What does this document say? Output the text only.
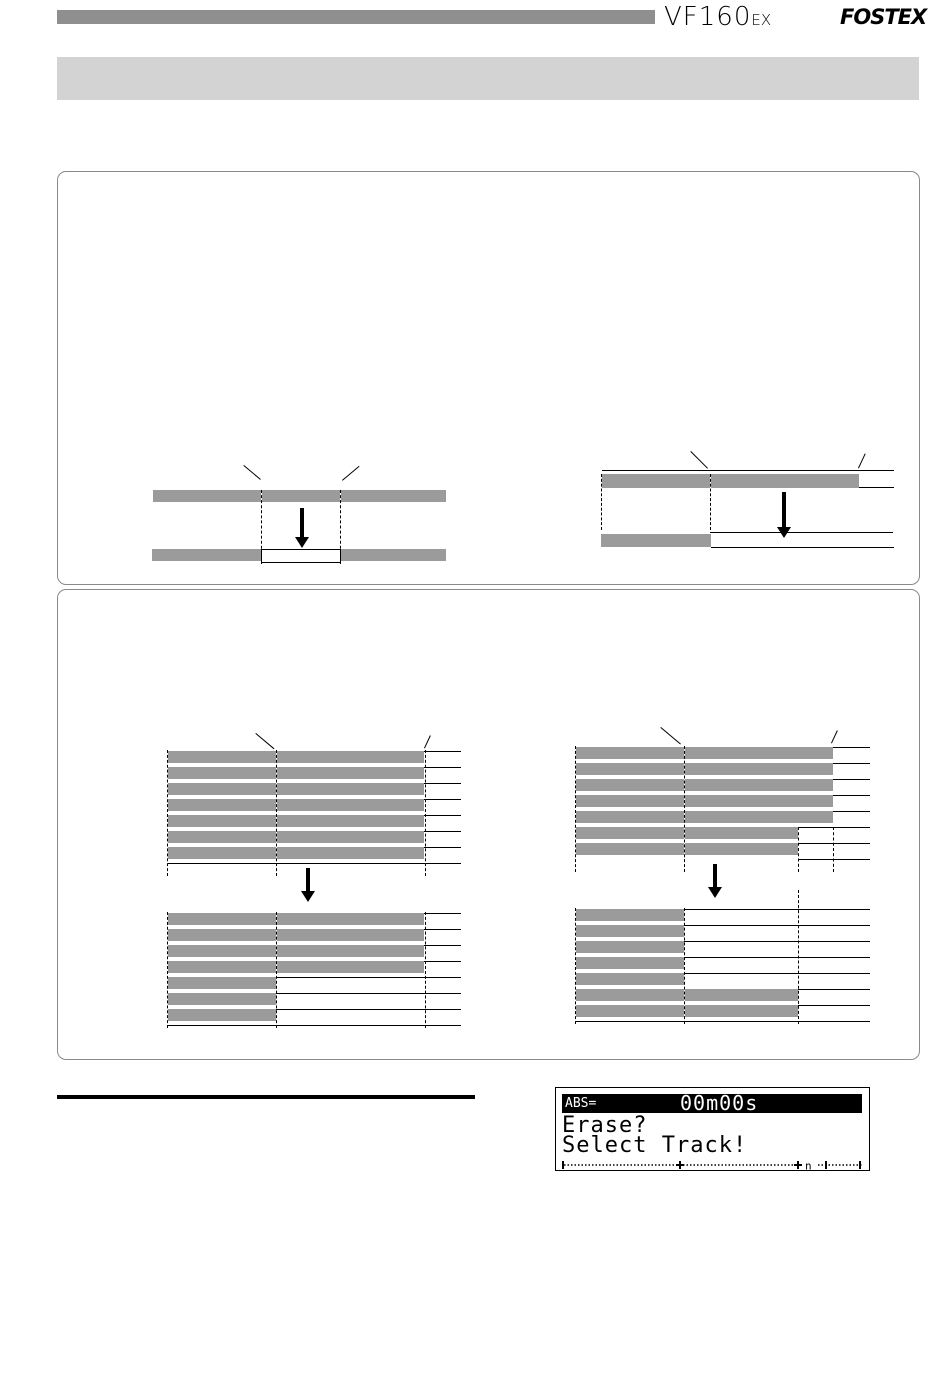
VF160EX	FOSTEX
ABS=	00m00s
Erase?
Select Track!
n
